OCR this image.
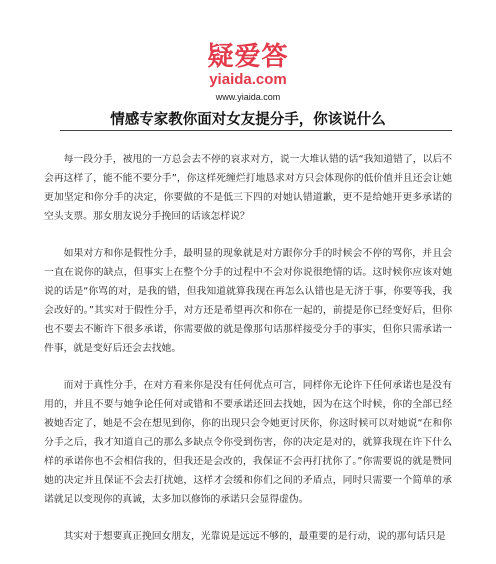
疑爱答
yiaida.com
www.yiaida.com
情感专家教你面对女友提分手，你该说什么

每一段分手，被甩的一方总会去不停的哀求对方，说一大堆认错的话“我知道错了，以后不会再这样了，能不能不要分手”，你这样死缠烂打地恳求对方只会体现你的低价值并且还会让她更加坚定和你分手的决定，你要做的不是低三下四的对她认错道歉，更不是给她开更多承诺的空头支票。那女朋友说分手挽回的话该怎样说？

如果对方和你是假性分手，最明显的现象就是对方跟你分手的时候会不停的骂你，并且会一直在说你的缺点，但事实上在整个分手的过程中不会对你说很绝情的话。这时候你应该对她说的话是“你骂的对，是我的错，但我知道就算我现在再怎么认错也是无济于事，你要等我，我会改好的。”其实对于假性分手，对方还是希望再次和你在一起的，前提是你已经变好后，但你也不要去不断许下很多承诺，你需要做的就是像那句话那样接受分手的事实，但你只需承诺一件事，就是变好后还会去找她。

而对于真性分手，在对方看来你是没有任何优点可言，同样你无论许下任何承诺也是没有用的，并且不要与她争论任何对或错和不要承诺还回去找她，因为在这个时候，你的全部已经被她否定了，她是不会在想见到你，你的出现只会令她更讨厌你，你这时候可以对她说“在和你分手之后，我才知道自己的那么多缺点令你受到伤害，你的决定是对的，就算我现在许下什么样的承诺你也不会相信我的，但我还是会改的，我保证不会再打扰你了。”你需要说的就是赞同她的决定并且保证不会去打扰她，这样才会缓和你们之间的矛盾点，同时只需要一个简单的承诺就足以变现你的真诚，太多加以修饰的承诺只会显得虚伪。

其实对于想要真正挽回女朋友，光靠说是远远不够的，最重要的是行动，说的那句话只是
